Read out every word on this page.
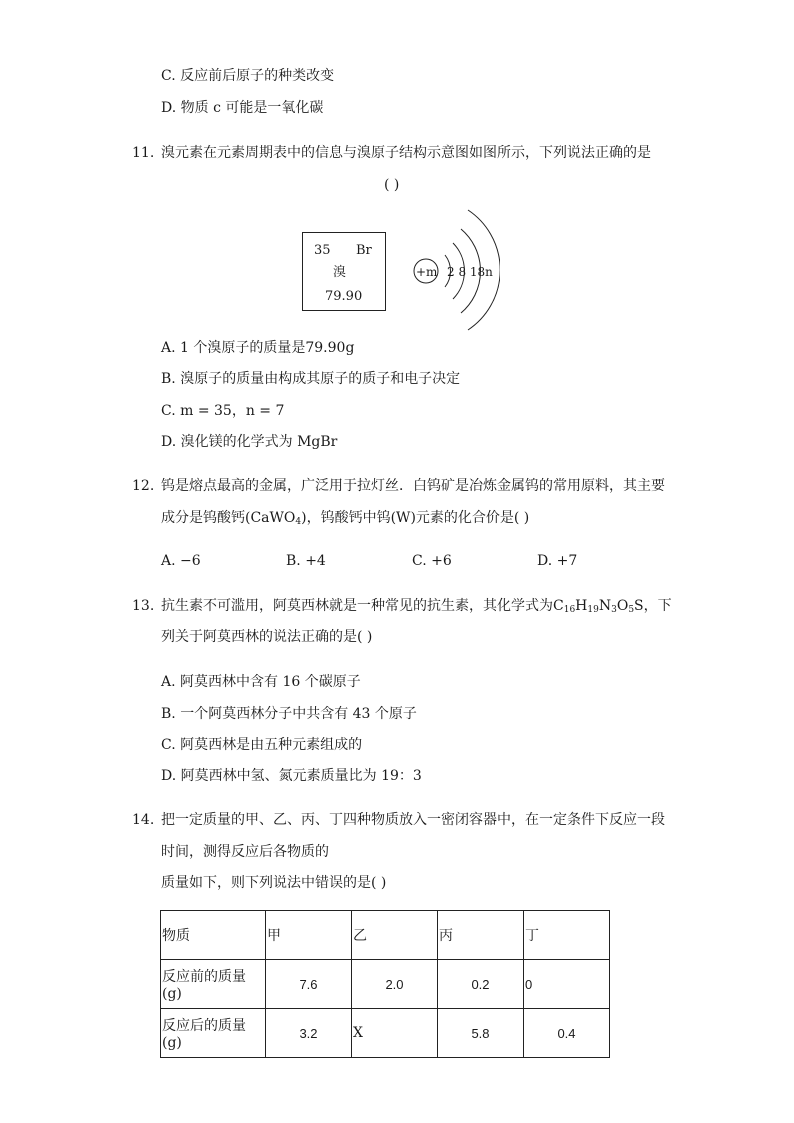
C. 反应前后原子的种类改变
D. 物质 c 可能是一氧化碳
11. 溴元素在元素周期表中的信息与溴原子结构示意图如图所示，下列说法正确的是
( )
35 Br
溴
79.90
+m 2 8 18n
A. 1 个溴原子的质量是79.90g
B. 溴原子的质量由构成其原子的质子和电子决定
C. m = 35，n = 7
D. 溴化镁的化学式为 MgBr
12. 钨是熔点最高的金属，广泛用于拉灯丝．白钨矿是冶炼金属钨的常用原料，其主要
成分是钨酸钙(CaWO$_4$)，钨酸钙中钨(W)元素的化合价是( )
A. −6	B. +4	C. +6	D. +7
13. 抗生素不可滥用，阿莫西林就是一种常见的抗生素，其化学式为$C_{16}H_{19}N_3O_5S$，下
列关于阿莫西林的说法正确的是( )
A. 阿莫西林中含有 16 个碳原子
B. 一个阿莫西林分子中共含有 43 个原子
C. 阿莫西林是由五种元素组成的
D. 阿莫西林中氢、氮元素质量比为 19：3
14. 把一定质量的甲、乙、丙、丁四种物质放入一密闭容器中，在一定条件下反应一段
时间，测得反应后各物质的
质量如下，则下列说法中错误的是( )
物质	甲	乙	丙	丁
反应前的质量(g)	7.6	2.0	0.2	0
反应后的质量(g)	3.2	X	5.8	0.4
